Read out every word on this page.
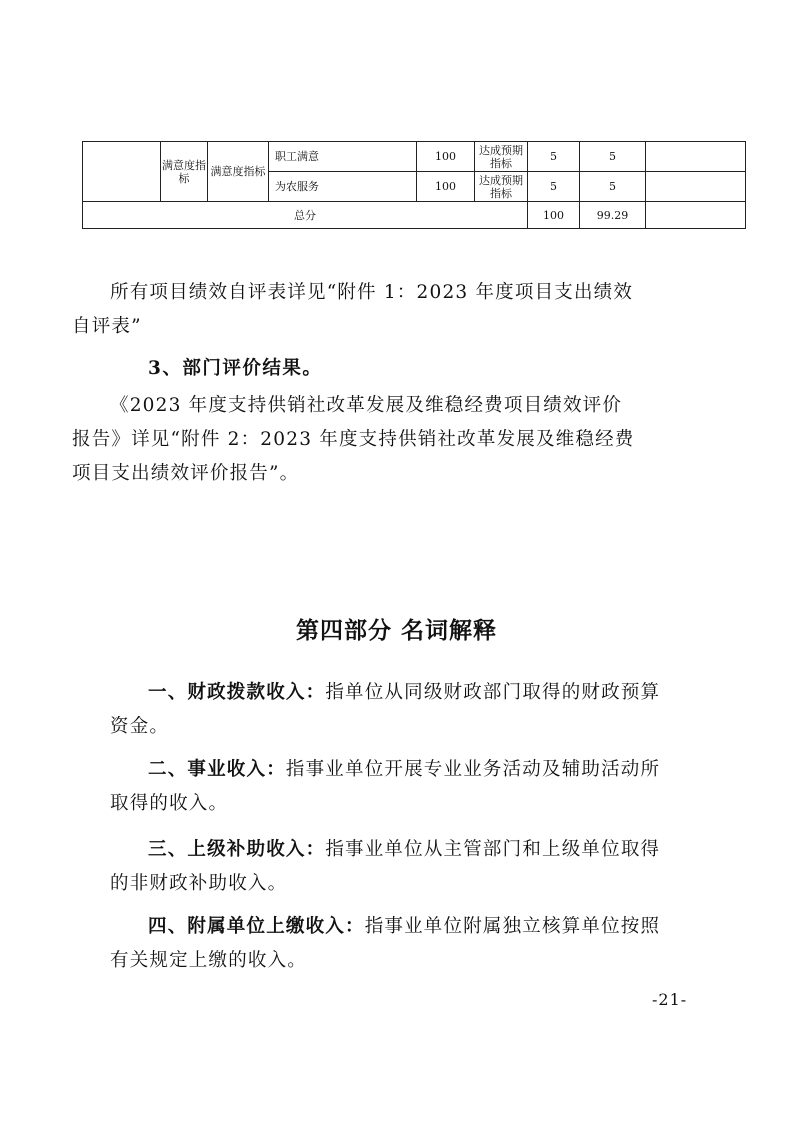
	满意度指标	满意度指标	职工满意	100	达成预期指标	5	5	
			为农服务	100	达成预期指标	5	5	
总分						100	99.29	

所有项目绩效自评表详见“附件 1：2023 年度项目支出绩效
自评表”

3、部门评价结果。

《2023 年度支持供销社改革发展及维稳经费项目绩效评价
报告》详见“附件 2：2023 年度支持供销社改革发展及维稳经费
项目支出绩效评价报告”。

第四部分 名词解释

一、财政拨款收入：指单位从同级财政部门取得的财政预算
资金。

二、事业收入：指事业单位开展专业业务活动及辅助活动所
取得的收入。

三、上级补助收入：指事业单位从主管部门和上级单位取得
的非财政补助收入。

四、附属单位上缴收入：指事业单位附属独立核算单位按照
有关规定上缴的收入。

-21-
